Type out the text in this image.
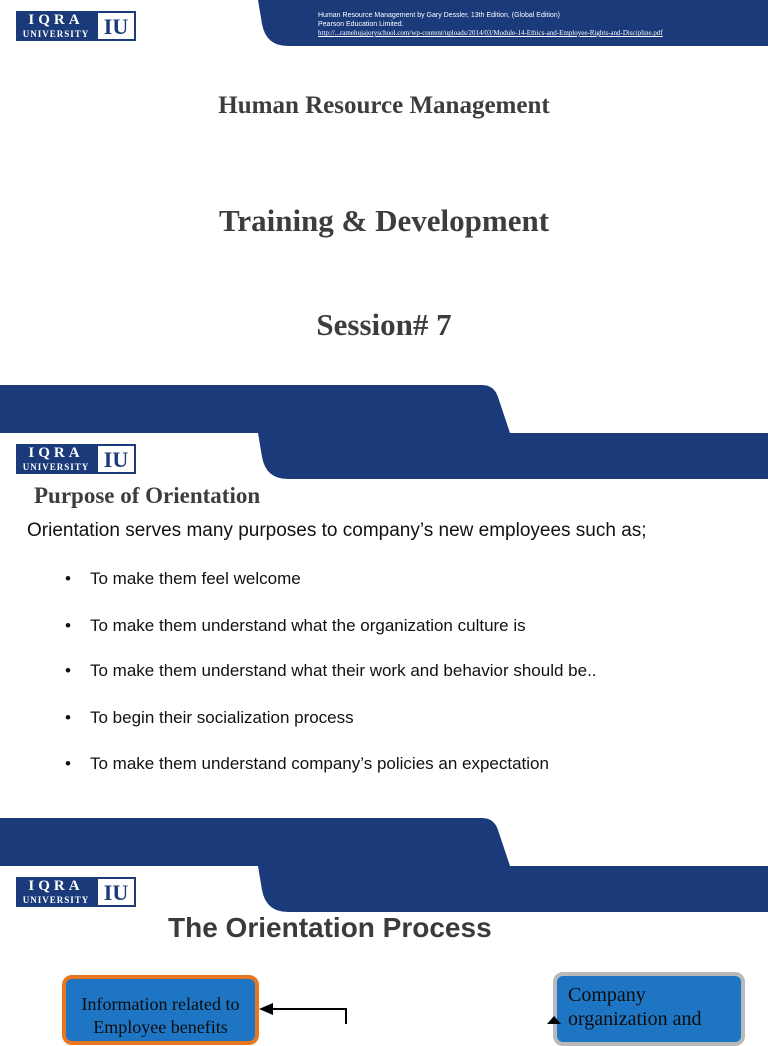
IQRA
UNIVERSITY IU	Human Resource Management by Gary Dessler, 13th Edition, (Global Edition)
Pearson Education Limited.
http://...ramehujajoryschool.com/wp-content/uploads/2014/03/Module-14-Ethics-and-Employee-Rights-and-Discipline.pdf
Human Resource Management
Training & Development
Session# 7
IQRA
UNIVERSITY IU
Purpose of Orientation
Orientation serves many purposes to company’s new employees such as;
• To make them feel welcome
• To make them understand what the organization culture is
• To make them understand what their work and behavior should be..
• To begin their socialization process
• To make them understand company’s policies an expectation
IQRA
UNIVERSITY IU
The Orientation Process
Information related to
Employee benefits
Company
organization and
